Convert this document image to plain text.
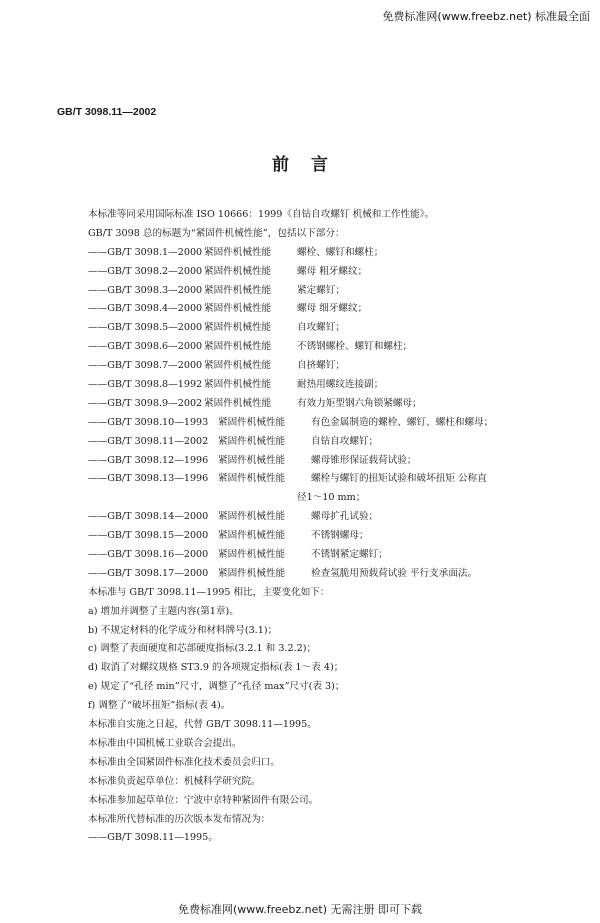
免费标准网(www.freebz.net) 标准最全面
GB/T 3098.11—2002
前言
本标准等同采用国际标准 ISO 10666：1999《自钻自攻螺钉 机械和工作性能》。
GB/T 3098 总的标题为“紧固件机械性能”，包括以下部分：
——GB/T 3098.1—2000 紧固件机械性能	螺栓、螺钉和螺柱；
——GB/T 3098.2—2000 紧固件机械性能	螺母 粗牙螺纹；
——GB/T 3098.3—2000 紧固件机械性能	紧定螺钉；
——GB/T 3098.4—2000 紧固件机械性能	螺母 细牙螺纹；
——GB/T 3098.5—2000 紧固件机械性能	自攻螺钉；
——GB/T 3098.6—2000 紧固件机械性能	不锈钢螺栓、螺钉和螺柱；
——GB/T 3098.7—2000 紧固件机械性能	自挤螺钉；
——GB/T 3098.8—1992 紧固件机械性能	耐热用螺纹连接副；
——GB/T 3098.9—2002 紧固件机械性能	有效力矩型钢六角锁紧螺母；
——GB/T 3098.10—1993	紧固件机械性能	有色金属制造的螺栓、螺钉、螺柱和螺母；
——GB/T 3098.11—2002	紧固件机械性能	自钻自攻螺钉；
——GB/T 3098.12—1996	紧固件机械性能	螺母锥形保证载荷试验；
——GB/T 3098.13—1996	紧固件机械性能	螺栓与螺钉的扭矩试验和破坏扭矩 公称直
径1～10 mm；
——GB/T 3098.14—2000	紧固件机械性能	螺母扩孔试验；
——GB/T 3098.15—2000	紧固件机械性能	不锈钢螺母；
——GB/T 3098.16—2000	紧固件机械性能	不锈钢紧定螺钉；
——GB/T 3098.17—2000	紧固件机械性能	检查氢脆用预载荷试验 平行支承面法。
本标准与 GB/T 3098.11—1995 相比，主要变化如下：
a) 增加并调整了主题内容(第1章)。
b) 不规定材料的化学成分和材料牌号(3.1)；
c) 调整了表面硬度和芯部硬度指标(3.2.1 和 3.2.2)；
d) 取消了对螺纹规格 ST3.9 的各项规定指标(表 1～表 4)；
e) 规定了“孔径 min”尺寸，调整了“孔径 max”尺寸(表 3)；
f) 调整了“破坏扭矩”指标(表 4)。
本标准自实施之日起，代替 GB/T 3098.11—1995。
本标准由中国机械工业联合会提出。
本标准由全国紧固件标准化技术委员会归口。
本标准负责起草单位：机械科学研究院。
本标准参加起草单位：宁波中京特种紧固件有限公司。
本标准所代替标准的历次版本发布情况为：
——GB/T 3098.11—1995。
免费标准网(www.freebz.net) 无需注册 即可下载
